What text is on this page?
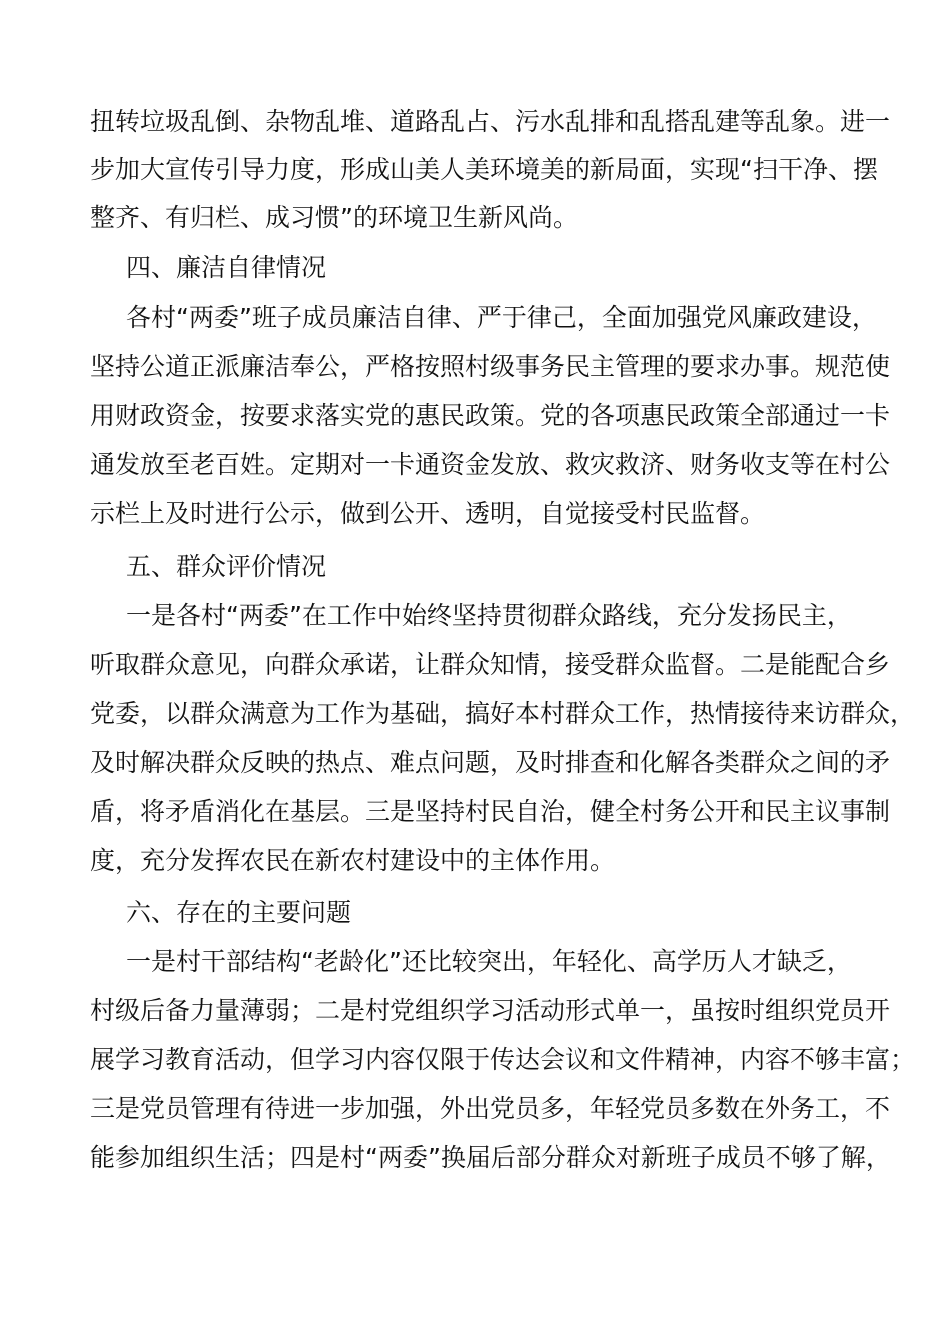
扭转垃圾乱倒、杂物乱堆、道路乱占、污水乱排和乱搭乱建等乱象。进一
步加大宣传引导力度，形成山美人美环境美的新局面，实现“扫干净、摆
整齐、有归栏、成习惯”的环境卫生新风尚。
四、廉洁自律情况
各村“两委”班子成员廉洁自律、严于律己，全面加强党风廉政建设，
坚持公道正派廉洁奉公，严格按照村级事务民主管理的要求办事。规范使
用财政资金，按要求落实党的惠民政策。党的各项惠民政策全部通过一卡
通发放至老百姓。定期对一卡通资金发放、救灾救济、财务收支等在村公
示栏上及时进行公示，做到公开、透明，自觉接受村民监督。
五、群众评价情况
一是各村“两委”在工作中始终坚持贯彻群众路线，充分发扬民主，
听取群众意见，向群众承诺，让群众知情，接受群众监督。二是能配合乡
党委，以群众满意为工作为基础，搞好本村群众工作，热情接待来访群众，
及时解决群众反映的热点、难点问题，及时排查和化解各类群众之间的矛
盾，将矛盾消化在基层。三是坚持村民自治，健全村务公开和民主议事制
度，充分发挥农民在新农村建设中的主体作用。
六、存在的主要问题
一是村干部结构“老龄化”还比较突出，年轻化、高学历人才缺乏，
村级后备力量薄弱；二是村党组织学习活动形式单一，虽按时组织党员开
展学习教育活动，但学习内容仅限于传达会议和文件精神，内容不够丰富；
三是党员管理有待进一步加强，外出党员多，年轻党员多数在外务工，不
能参加组织生活；四是村“两委”换届后部分群众对新班子成员不够了解，
